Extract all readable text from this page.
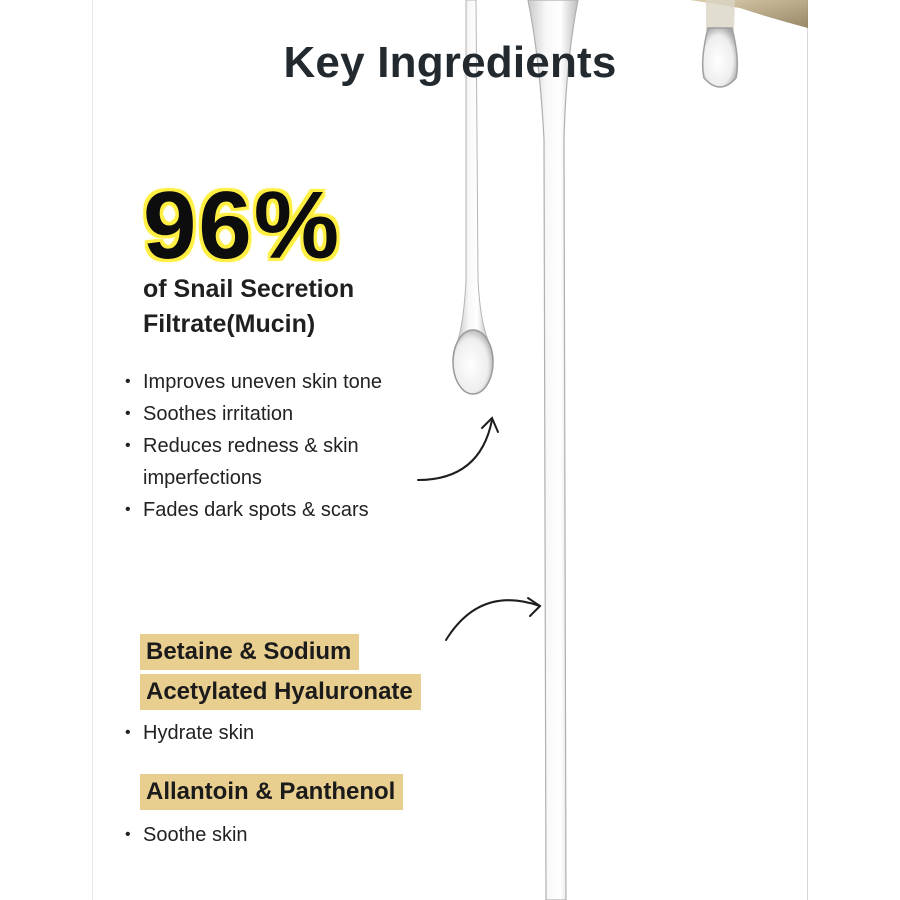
Key Ingredients
96%
of Snail Secretion
Filtrate(Mucin)
• Improves uneven skin tone
• Soothes irritation
• Reduces redness & skin
imperfections
• Fades dark spots & scars
Betaine & Sodium
Acetylated Hyaluronate
• Hydrate skin
Allantoin & Panthenol
• Soothe skin
